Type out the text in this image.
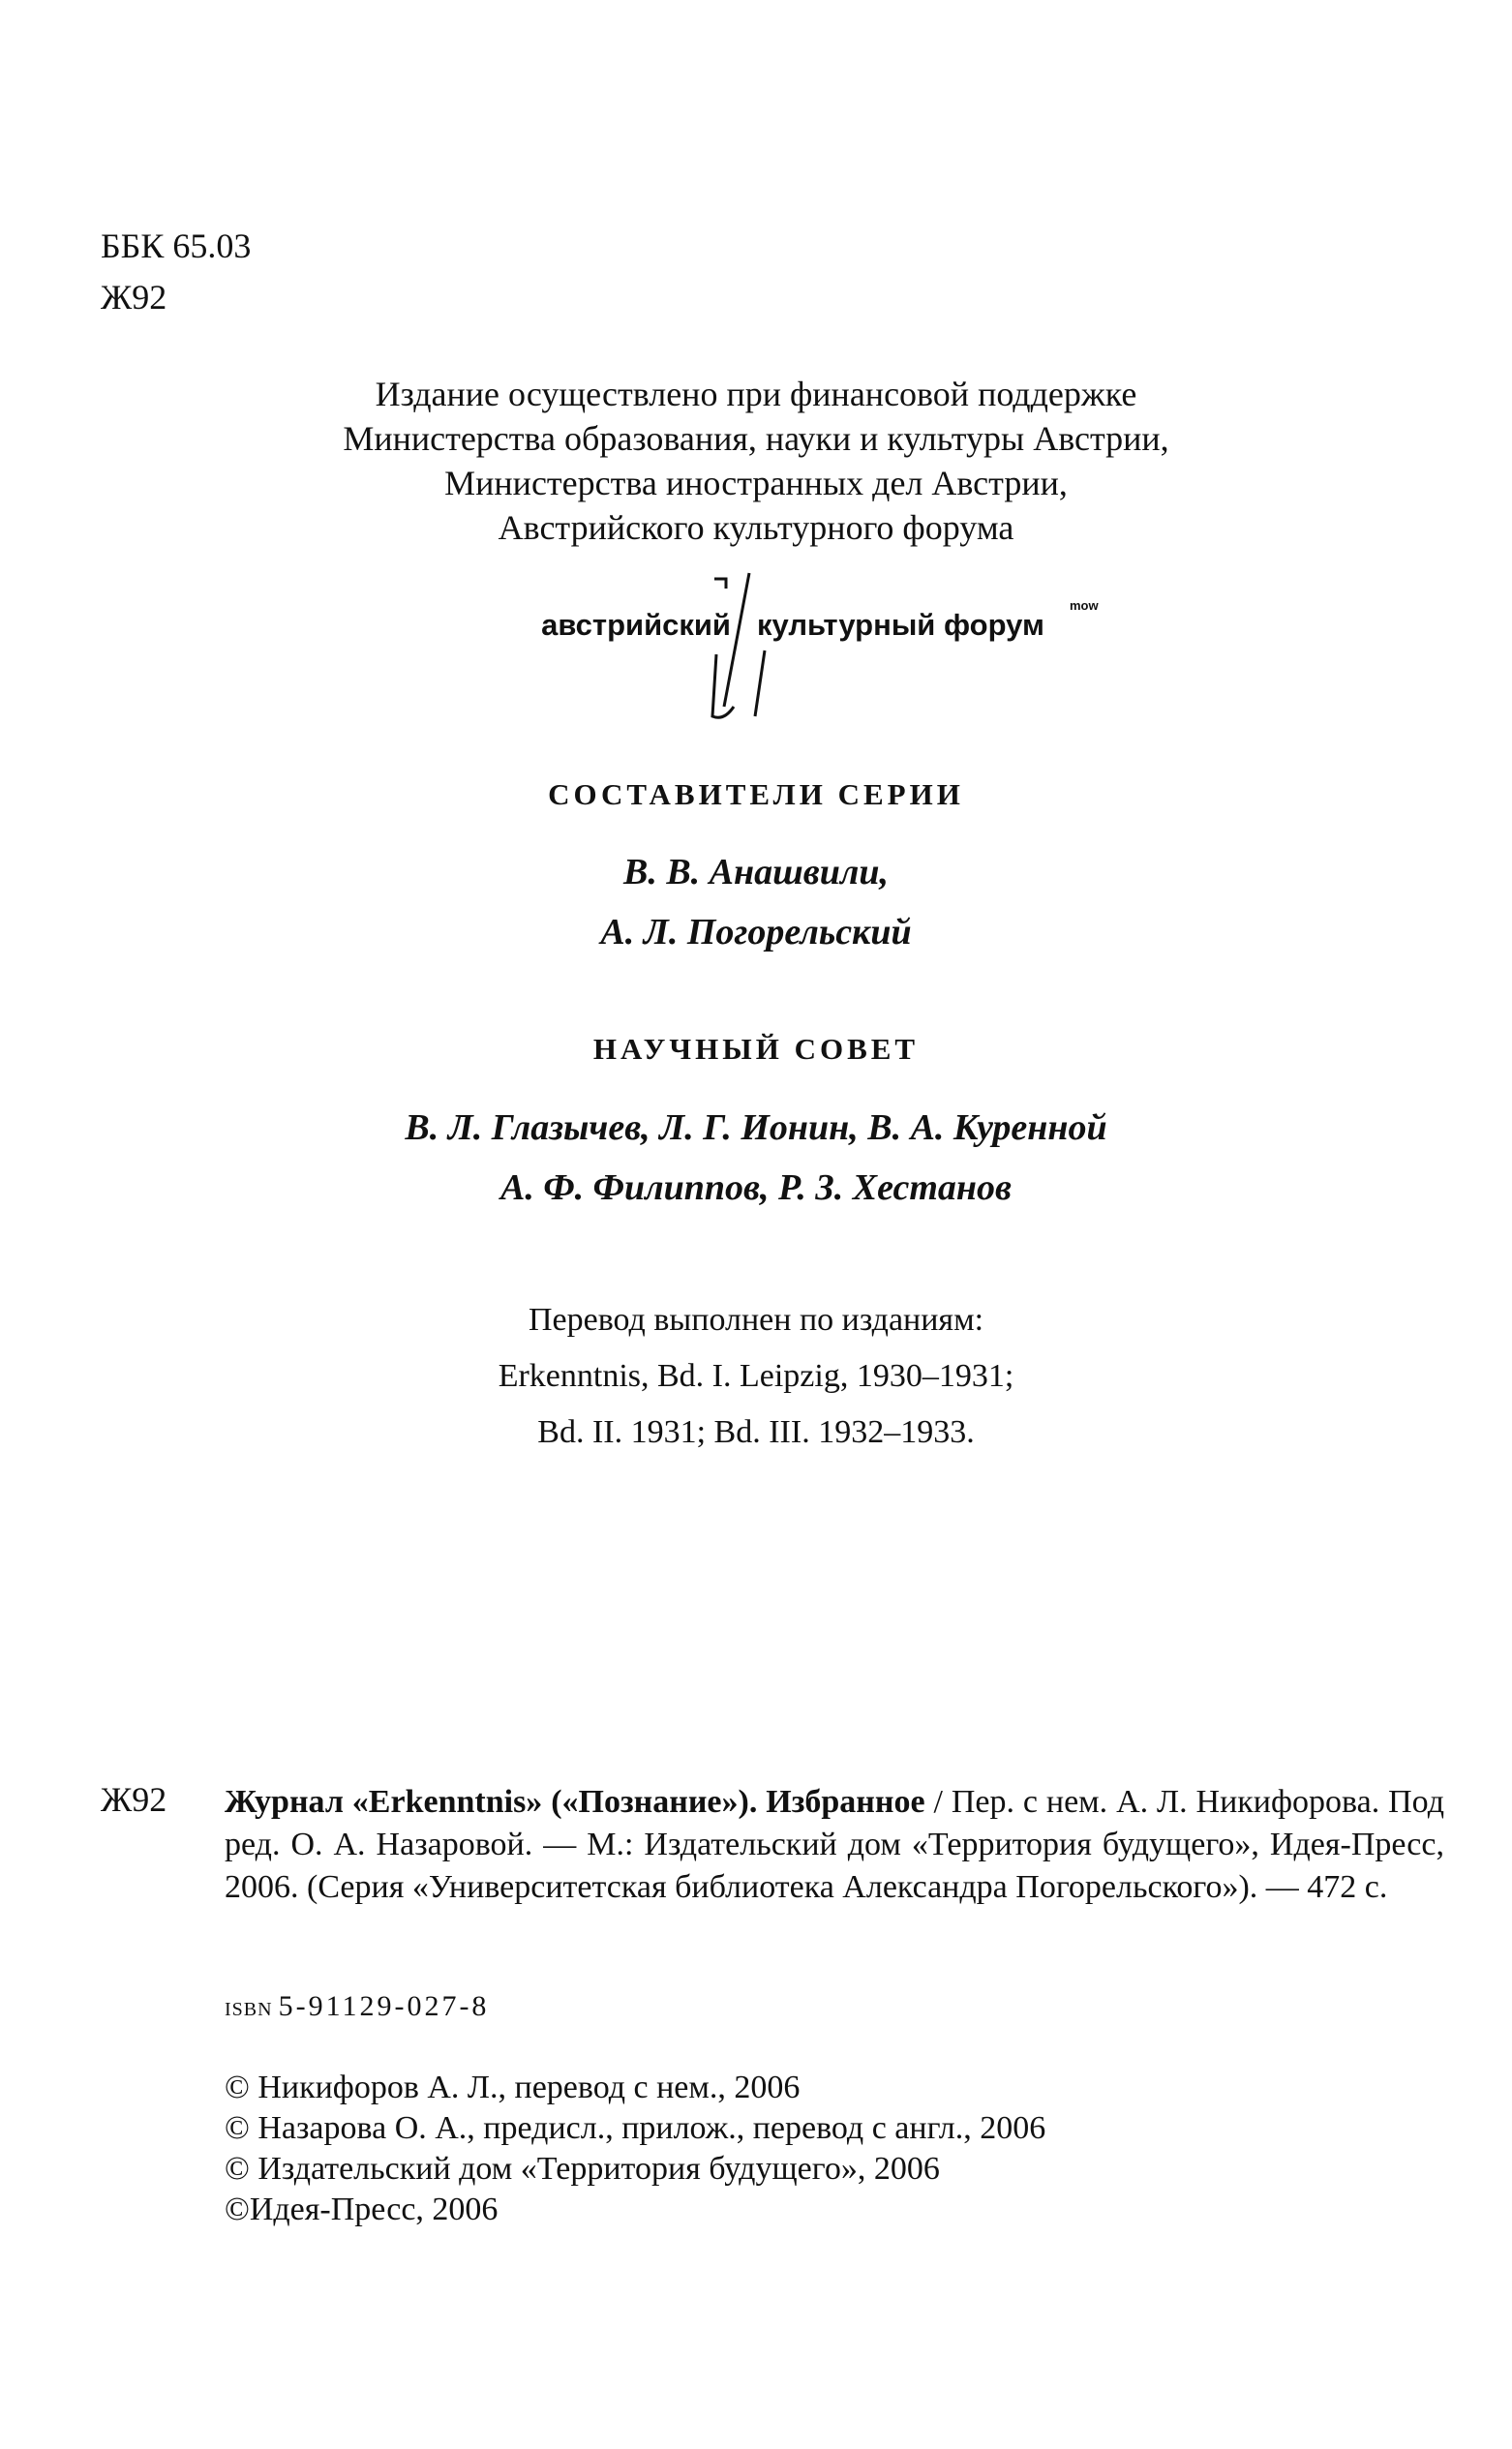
ББК 65.03
Ж92
Издание осуществлено при финансовой поддержке
Министерства образования, науки и культуры Австрии,
Министерства иностранных дел Австрии,
Австрийского культурного форума
австрийский культурный форум
mow
СОСТАВИТЕЛИ СЕРИИ
В. В. Анашвили,
А. Л. Погорельский
НАУЧНЫЙ СОВЕТ
В. Л. Глазычев, Л. Г. Ионин, В. А. Куренной
А. Ф. Филиппов, Р. З. Хестанов
Перевод выполнен по изданиям:
Erkenntnis, Bd. I. Leipzig, 1930–1931;
Bd. II. 1931; Bd. III. 1932–1933.
Ж92 Журнал «Erkenntnis» («Познание»). Избранное / Пер. с нем. А. Л. Никифорова. Под ред. О. А. Назаровой. — М.: Издательский дом «Территория будущего», Идея-Пресс, 2006. (Серия «Университетская библиотека Александра Погорельского»). — 472 с.
ISBN 5-91129-027-8
© Никифоров А. Л., перевод с нем., 2006
© Назарова О. А., предисл., прилож., перевод с англ., 2006
© Издательский дом «Территория будущего», 2006
©Идея-Пресс, 2006
